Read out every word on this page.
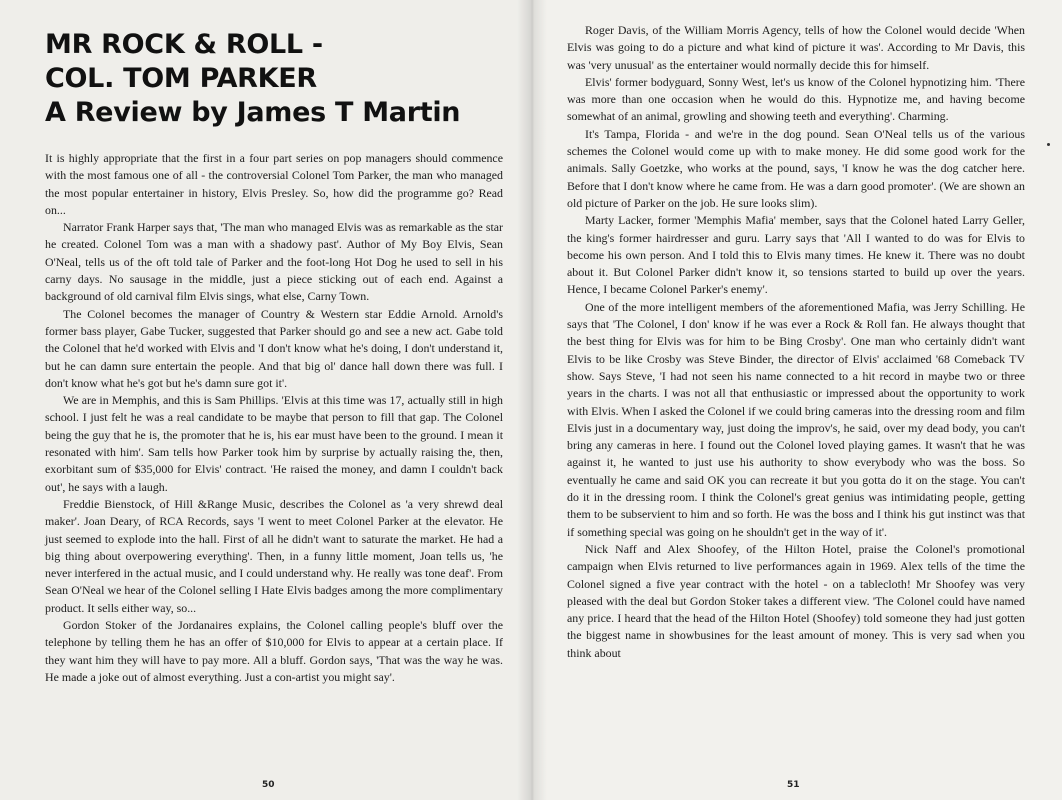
MR ROCK & ROLL -
COL. TOM PARKER
A Review by James T Martin

It is highly appropriate that the first in a four part series on pop managers should commence with the most famous one of all - the controversial Colonel Tom Parker, the man who managed the most popular entertainer in history, Elvis Presley. So, how did the programme go? Read on...

Narrator Frank Harper says that, 'The man who managed Elvis was as remarkable as the star he created. Colonel Tom was a man with a shadowy past'. Author of My Boy Elvis, Sean O'Neal, tells us of the oft told tale of Parker and the foot-long Hot Dog he used to sell in his carny days. No sausage in the middle, just a piece sticking out of each end. Against a background of old carnival film Elvis sings, what else, Carny Town.

The Colonel becomes the manager of Country & Western star Eddie Arnold. Arnold's former bass player, Gabe Tucker, suggested that Parker should go and see a new act. Gabe told the Colonel that he'd worked with Elvis and 'I don't know what he's doing, I don't understand it, but he can damn sure entertain the people. And that big ol' dance hall down there was full. I don't know what he's got but he's damn sure got it'.

We are in Memphis, and this is Sam Phillips. 'Elvis at this time was 17, actually still in high school. I just felt he was a real candidate to be maybe that person to fill that gap. The Colonel being the guy that he is, the promoter that he is, his ear must have been to the ground. I mean it resonated with him'. Sam tells how Parker took him by surprise by actually raising the, then, exorbitant sum of $35,000 for Elvis' contract. 'He raised the money, and damn I couldn't back out', he says with a laugh.

Freddie Bienstock, of Hill &Range Music, describes the Colonel as 'a very shrewd deal maker'. Joan Deary, of RCA Records, says 'I went to meet Colonel Parker at the elevator. He just seemed to explode into the hall. First of all he didn't want to saturate the market. He had a big thing about overpowering everything'. Then, in a funny little moment, Joan tells us, 'he never interfered in the actual music, and I could understand why. He really was tone deaf'. From Sean O'Neal we hear of the Colonel selling I Hate Elvis badges among the more complimentary product. It sells either way, so...

Gordon Stoker of the Jordanaires explains, the Colonel calling people's bluff over the telephone by telling them he has an offer of $10,000 for Elvis to appear at a certain place. If they want him they will have to pay more. All a bluff. Gordon says, 'That was the way he was. He made a joke out of almost everything. Just a con-artist you might say'.

50

Roger Davis, of the William Morris Agency, tells of how the Colonel would decide 'When Elvis was going to do a picture and what kind of picture it was'. According to Mr Davis, this was 'very unusual' as the entertainer would normally decide this for himself.

Elvis' former bodyguard, Sonny West, let's us know of the Colonel hypnotizing him. 'There was more than one occasion when he would do this. Hypnotize me, and having become somewhat of an animal, growling and showing teeth and everything'. Charming.

It's Tampa, Florida - and we're in the dog pound. Sean O'Neal tells us of the various schemes the Colonel would come up with to make money. He did some good work for the animals. Sally Goetzke, who works at the pound, says, 'I know he was the dog catcher here. Before that I don't know where he came from. He was a darn good promoter'. (We are shown an old picture of Parker on the job. He sure looks slim).

Marty Lacker, former 'Memphis Mafia' member, says that the Colonel hated Larry Geller, the king's former hairdresser and guru. Larry says that 'All I wanted to do was for Elvis to become his own person. And I told this to Elvis many times. He knew it. There was no doubt about it. But Colonel Parker didn't know it, so tensions started to build up over the years. Hence, I became Colonel Parker's enemy'.

One of the more intelligent members of the aforementioned Mafia, was Jerry Schilling. He says that 'The Colonel, I don' know if he was ever a Rock & Roll fan. He always thought that the best thing for Elvis was for him to be Bing Crosby'. One man who certainly didn't want Elvis to be like Crosby was Steve Binder, the director of Elvis' acclaimed '68 Comeback TV show. Says Steve, 'I had not seen his name connected to a hit record in maybe two or three years in the charts. I was not all that enthusiastic or impressed about the opportunity to work with Elvis. When I asked the Colonel if we could bring cameras into the dressing room and film Elvis just in a documentary way, just doing the improv's, he said, over my dead body, you can't bring any cameras in here. I found out the Colonel loved playing games. It wasn't that he was against it, he wanted to just use his authority to show everybody who was the boss. So eventually he came and said OK you can recreate it but you gotta do it on the stage. You can't do it in the dressing room. I think the Colonel's great genius was intimidating people, getting them to be subservient to him and so forth. He was the boss and I think his gut instinct was that if something special was going on he shouldn't get in the way of it'.

Nick Naff and Alex Shoofey, of the Hilton Hotel, praise the Colonel's promotional campaign when Elvis returned to live performances again in 1969. Alex tells of the time the Colonel signed a five year contract with the hotel - on a tablecloth! Mr Shoofey was very pleased with the deal but Gordon Stoker takes a different view. 'The Colonel could have named any price. I heard that the head of the Hilton Hotel (Shoofey) told someone they had just gotten the biggest name in showbusines for the least amount of money. This is very sad when you think about

51
